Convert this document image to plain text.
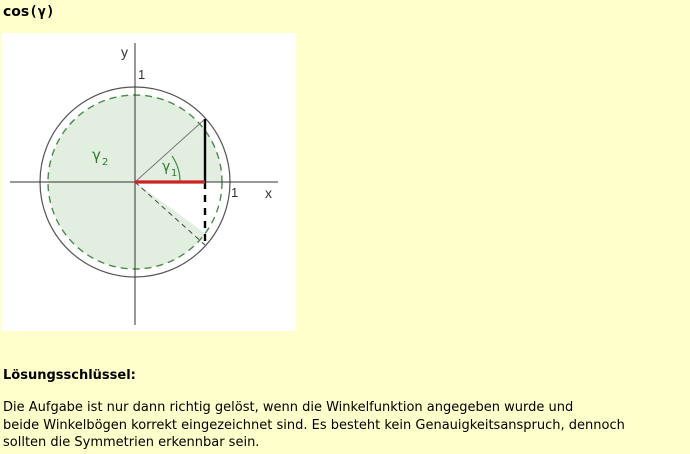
cos(γ)
y
1
1 x
γ 2	γ 1
Lösungsschlüssel:
Die Aufgabe ist nur dann richtig gelöst, wenn die Winkelfunktion angegeben wurde und
beide Winkelbögen korrekt eingezeichnet sind. Es besteht kein Genauigkeitsanspruch, dennoch
sollten die Symmetrien erkennbar sein.
